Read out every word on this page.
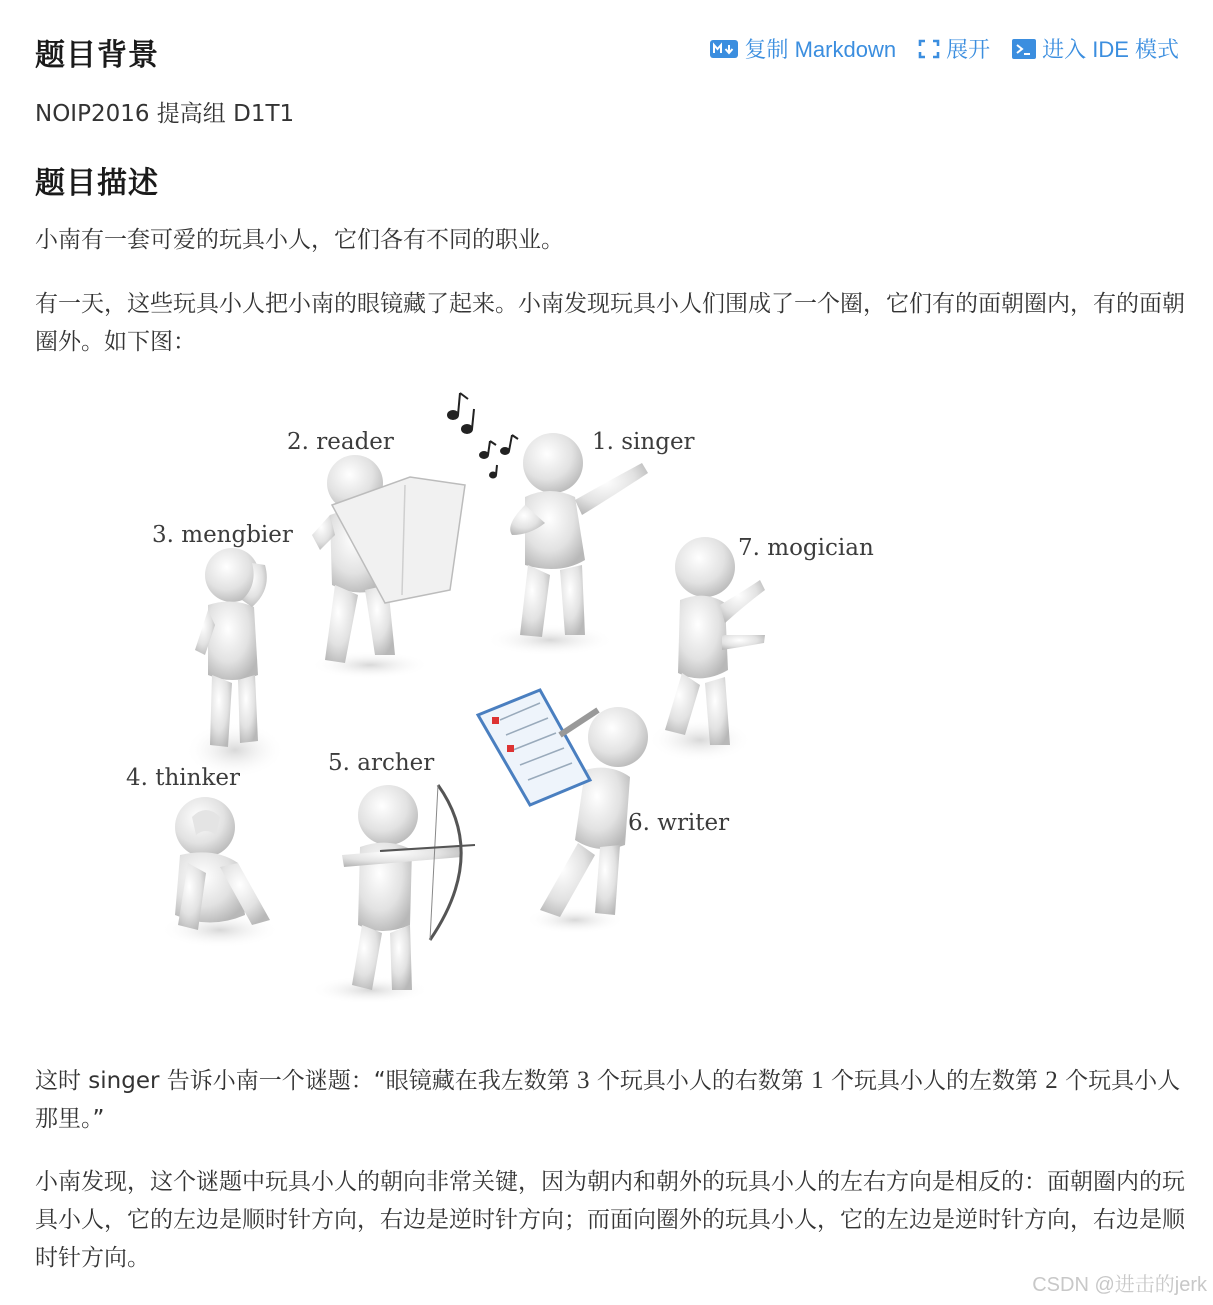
复制 Markdown 展开 进入 IDE 模式
题目背景

NOIP2016 提高组 D1T1

题目描述

小南有一套可爱的玩具小人，它们各有不同的职业。

有一天，这些玩具小人把小南的眼镜藏了起来。小南发现玩具小人们围成了一个圈，它们有的面朝圈内，有的面朝圈外。如下图：

1. singer
2. reader
3. mengbier	7. mogician
4. thinker
5. archer
6. writer

这时 singer 告诉小南一个谜题：“眼镜藏在我左数第 3 个玩具小人的右数第 1 个玩具小人的左数第 2 个玩具小人那里。”

小南发现，这个谜题中玩具小人的朝向非常关键，因为朝内和朝外的玩具小人的左右方向是相反的：面朝圈内的玩具小人，它的左边是顺时针方向，右边是逆时针方向；而面向圈外的玩具小人，它的左边是逆时针方向，右边是顺时针方向。

CSDN @进击的jerk
